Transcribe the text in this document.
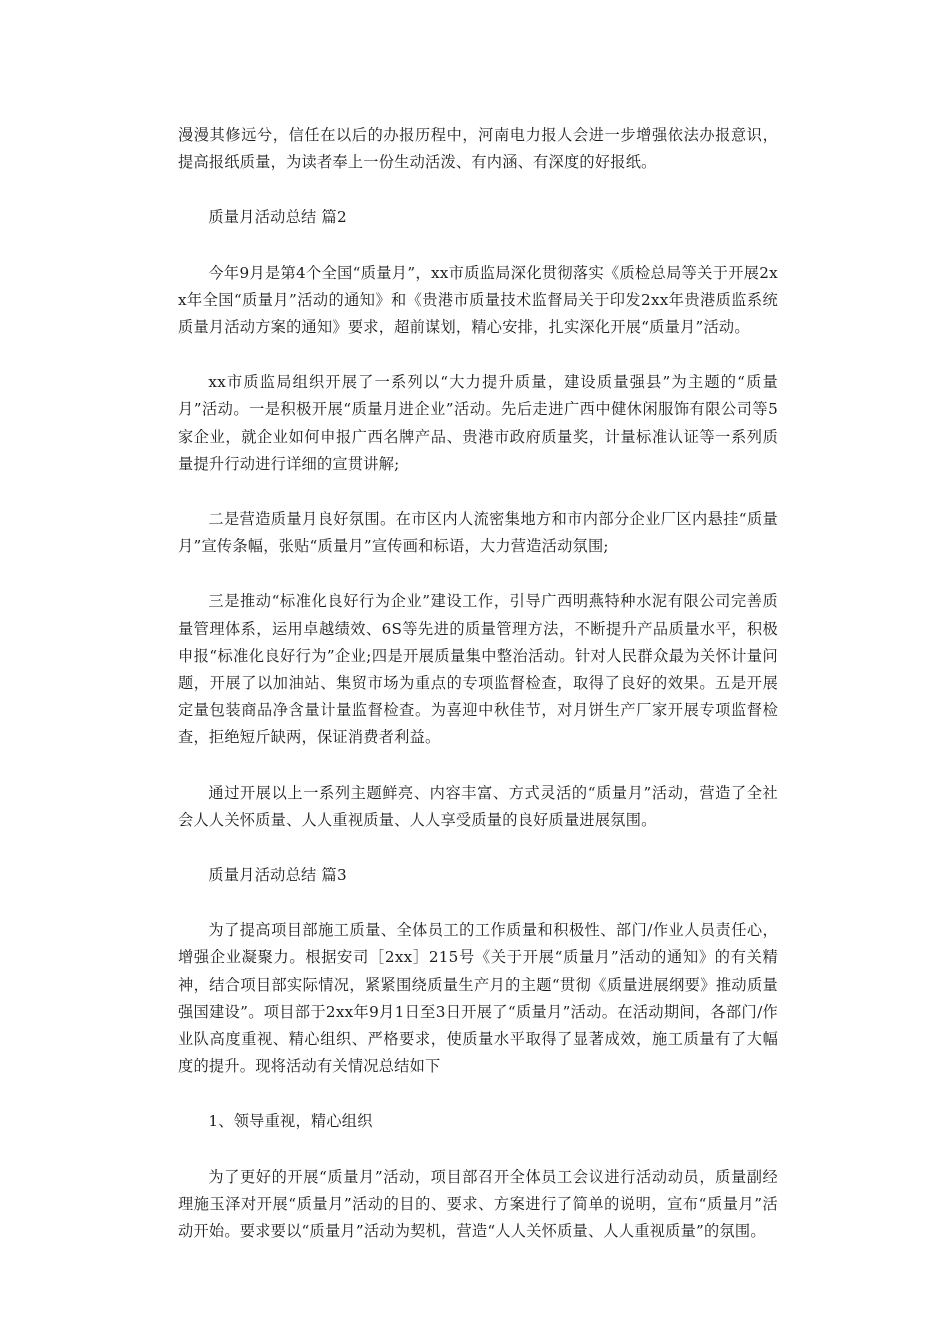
漫漫其修远兮，信任在以后的办报历程中，河南电力报人会进一步增强依法办报意识，提高报纸质量，为读者奉上一份生动活泼、有内涵、有深度的好报纸。

质量月活动总结 篇2

今年9月是第4个全国“质量月”，xx市质监局深化贯彻落实《质检总局等关于开展2xx年全国“质量月”活动的通知》和《贵港市质量技术监督局关于印发2xx年贵港质监系统质量月活动方案的通知》要求，超前谋划，精心安排，扎实深化开展“质量月”活动。

xx市质监局组织开展了一系列以“大力提升质量，建设质量强县”为主题的“质量月”活动。一是积极开展“质量月进企业”活动。先后走进广西中健休闲服饰有限公司等5家企业，就企业如何申报广西名牌产品、贵港市政府质量奖，计量标准认证等一系列质量提升行动进行详细的宣贯讲解;

二是营造质量月良好氛围。在市区内人流密集地方和市内部分企业厂区内悬挂“质量月”宣传条幅，张贴“质量月”宣传画和标语，大力营造活动氛围;

三是推动“标准化良好行为企业”建设工作，引导广西明燕特种水泥有限公司完善质量管理体系，运用卓越绩效、6S等先进的质量管理方法，不断提升产品质量水平，积极申报“标准化良好行为”企业;四是开展质量集中整治活动。针对人民群众最为关怀计量问题，开展了以加油站、集贸市场为重点的专项监督检查，取得了良好的效果。五是开展定量包装商品净含量计量监督检查。为喜迎中秋佳节，对月饼生产厂家开展专项监督检查，拒绝短斤缺两，保证消费者利益。

通过开展以上一系列主题鲜亮、内容丰富、方式灵活的“质量月”活动，营造了全社会人人关怀质量、人人重视质量、人人享受质量的良好质量进展氛围。

质量月活动总结 篇3

为了提高项目部施工质量、全体员工的工作质量和积极性、部门/作业人员责任心，增强企业凝聚力。根据安司［2xx］215号《关于开展“质量月”活动的通知》的有关精神，结合项目部实际情况，紧紧围绕质量生产月的主题“贯彻《质量进展纲要》推动质量强国建设”。项目部于2xx年9月1日至3日开展了“质量月”活动。在活动期间，各部门/作业队高度重视、精心组织、严格要求，使质量水平取得了显著成效，施工质量有了大幅度的提升。现将活动有关情况总结如下

1、领导重视，精心组织

为了更好的开展“质量月”活动，项目部召开全体员工会议进行活动动员，质量副经理施玉泽对开展“质量月”活动的目的、要求、方案进行了简单的说明，宣布“质量月”活动开始。要求要以“质量月”活动为契机，营造“人人关怀质量、人人重视质量”的氛围。
